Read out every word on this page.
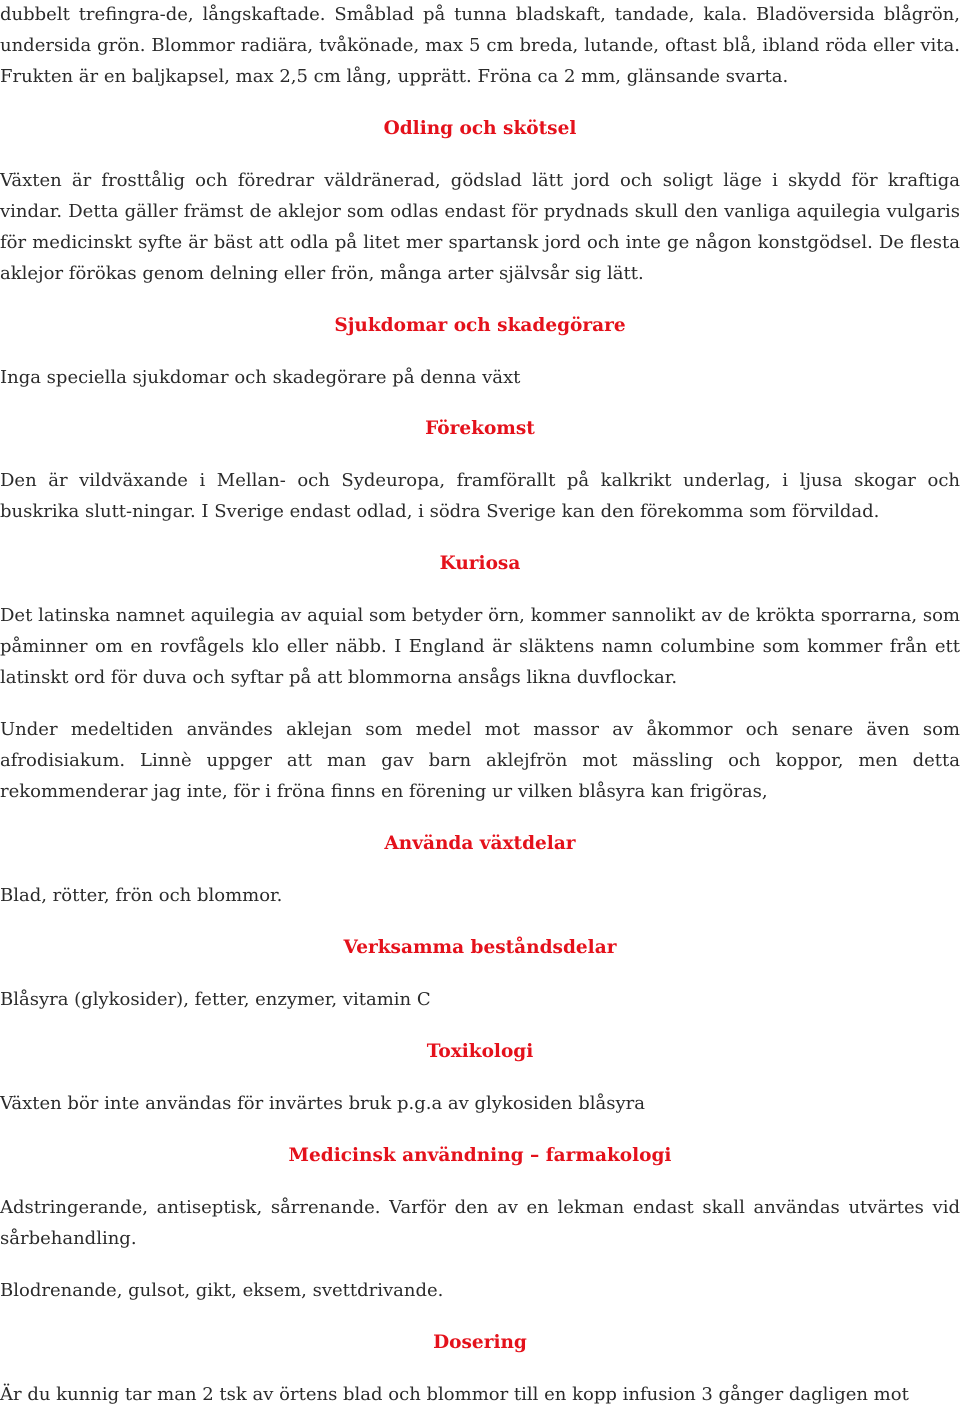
dubbelt trefingra-de, långskaftade. Småblad på tunna bladskaft, tandade, kala. Bladöversida blågrön, undersida grön. Blommor radiära, tvåkönade, max 5 cm breda, lutande, oftast blå, ibland röda eller vita. Frukten är en baljkapsel, max 2,5 cm lång, upprätt. Fröna ca 2 mm, glänsande svarta.

Odling och skötsel

Växten är frosttålig och föredrar väldränerad, gödslad lätt jord och soligt läge i skydd för kraftiga vindar. Detta gäller främst de aklejor som odlas endast för prydnads skull den vanliga aquilegia vulgaris för medicinskt syfte är bäst att odla på litet mer spartansk jord och inte ge någon konstgödsel. De flesta aklejor förökas genom delning eller frön, många arter självsår sig lätt.

Sjukdomar och skadegörare

Inga speciella sjukdomar och skadegörare på denna växt

Förekomst

Den är vildväxande i Mellan- och Sydeuropa, framförallt på kalkrikt underlag, i ljusa skogar och buskrika slutt-ningar. I Sverige endast odlad, i södra Sverige kan den förekomma som förvildad.

Kuriosa

Det latinska namnet aquilegia av aquial som betyder örn, kommer sannolikt av de krökta sporrarna, som påminner om en rovfågels klo eller näbb. I England är släktens namn columbine som kommer från ett latinskt ord för duva och syftar på att blommorna ansågs likna duvflockar.

Under medeltiden användes aklejan som medel mot massor av åkommor och senare även som afrodisiakum. Linnè uppger att man gav barn aklejfrön mot mässling och koppor, men detta rekommenderar jag inte, för i fröna finns en förening ur vilken blåsyra kan frigöras,

Använda växtdelar

Blad, rötter, frön och blommor.

Verksamma beståndsdelar

Blåsyra (glykosider), fetter, enzymer, vitamin C

Toxikologi

Växten bör inte användas för invärtes bruk p.g.a av glykosiden blåsyra

Medicinsk användning – farmakologi

Adstringerande, antiseptisk, sårrenande. Varför den av en lekman endast skall användas utvärtes vid sårbehandling.

Blodrenande, gulsot, gikt, eksem, svettdrivande.

Dosering

Är du kunnig tar man 2 tsk av örtens blad och blommor till en kopp infusion 3 gånger dagligen mot
